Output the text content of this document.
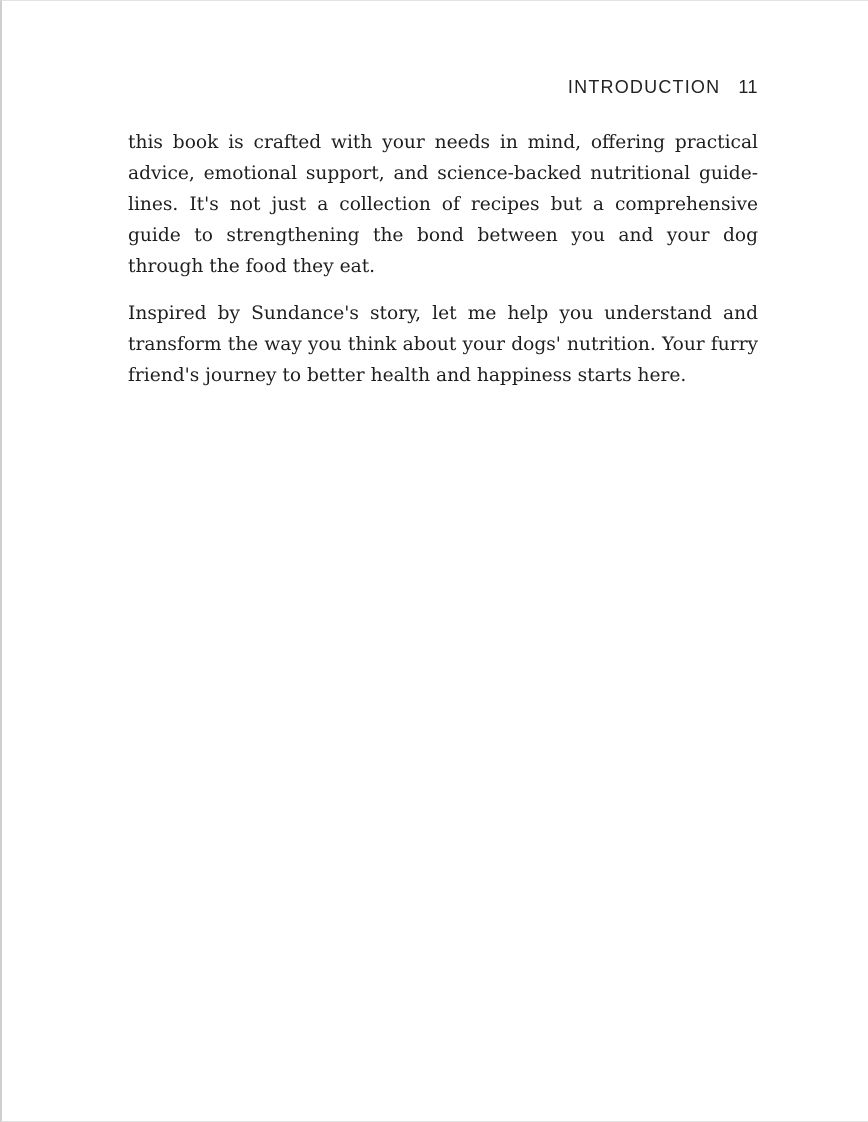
INTRODUCTION 11

this book is crafted with your needs in mind, offering practical advice, emotional support, and science-backed nutritional guidelines. It's not just a collection of recipes but a comprehensive guide to strengthening the bond between you and your dog through the food they eat.

Inspired by Sundance's story, let me help you understand and transform the way you think about your dogs' nutrition. Your furry friend's journey to better health and happiness starts here.
